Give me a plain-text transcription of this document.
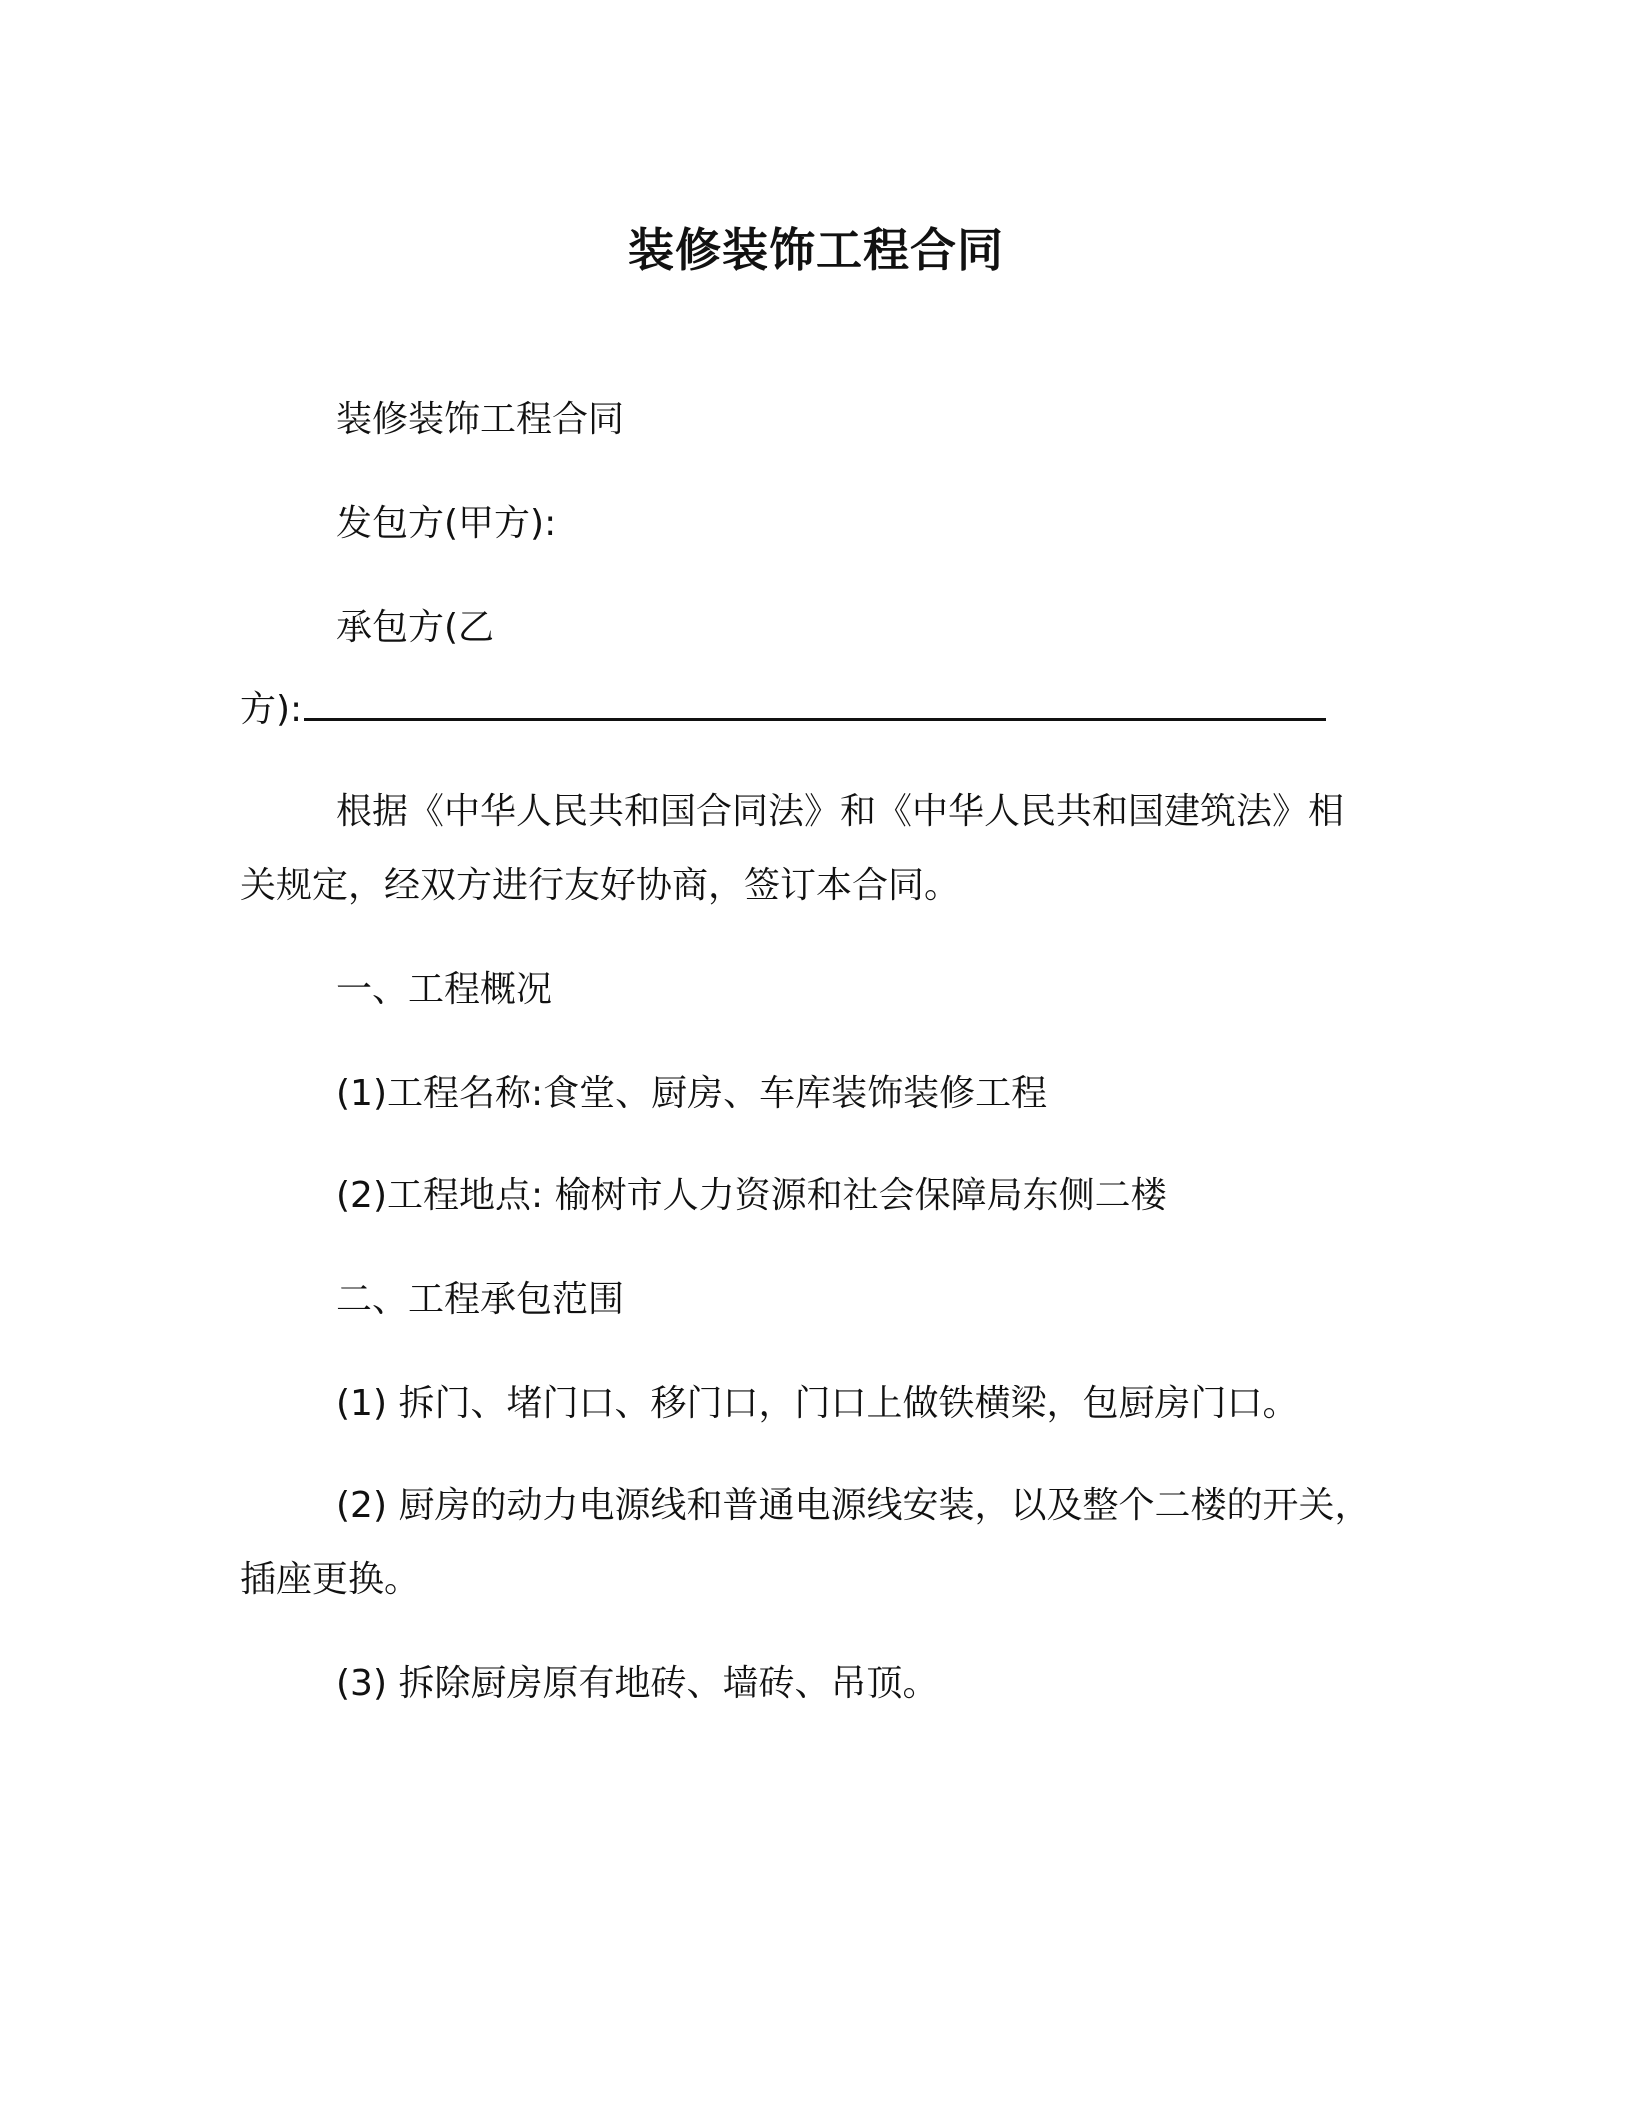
装修装饰工程合同

装修装饰工程合同

发包方(甲方):

承包方(乙

方):

根据《中华人民共和国合同法》和《中华人民共和国建筑法》相

关规定，经双方进行友好协商，签订本合同。

一、工程概况

(1)工程名称:食堂、厨房、车库装饰装修工程

(2)工程地点: 榆树市人力资源和社会保障局东侧二楼

二、工程承包范围

(1) 拆门、堵门口、移门口，门口上做铁横梁，包厨房门口。

(2) 厨房的动力电源线和普通电源线安装，以及整个二楼的开关，

插座更换。

(3) 拆除厨房原有地砖、墙砖、吊顶。
